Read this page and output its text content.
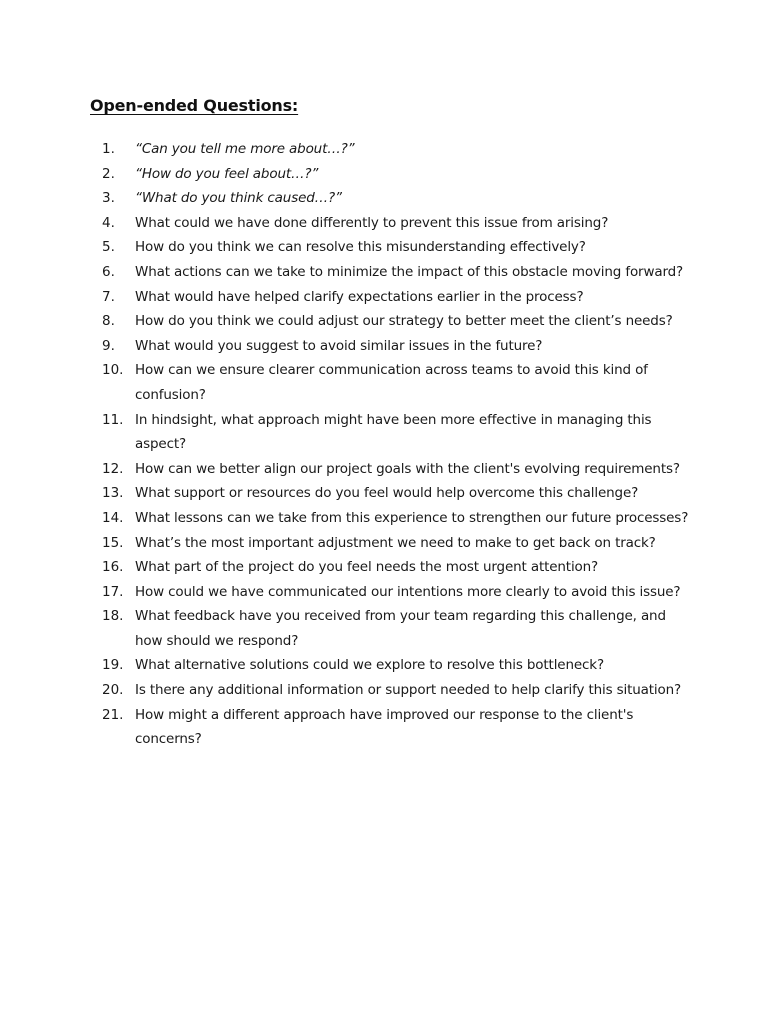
Open-ended Questions:
1.	“Can you tell me more about…?”
2.	“How do you feel about…?”
3.	“What do you think caused…?”
4.	What could we have done differently to prevent this issue from arising?
5.	How do you think we can resolve this misunderstanding effectively?
6.	What actions can we take to minimize the impact of this obstacle moving forward?
7.	What would have helped clarify expectations earlier in the process?
8.	How do you think we could adjust our strategy to better meet the client’s needs?
9.	What would you suggest to avoid similar issues in the future?
10. How can we ensure clearer communication across teams to avoid this kind of confusion?
11. In hindsight, what approach might have been more effective in managing this aspect?
12. How can we better align our project goals with the client's evolving requirements?
13. What support or resources do you feel would help overcome this challenge?
14. What lessons can we take from this experience to strengthen our future processes?
15. What’s the most important adjustment we need to make to get back on track?
16. What part of the project do you feel needs the most urgent attention?
17. How could we have communicated our intentions more clearly to avoid this issue?
18. What feedback have you received from your team regarding this challenge, and how should we respond?
19. What alternative solutions could we explore to resolve this bottleneck?
20. Is there any additional information or support needed to help clarify this situation?
21. How might a different approach have improved our response to the client's concerns?
